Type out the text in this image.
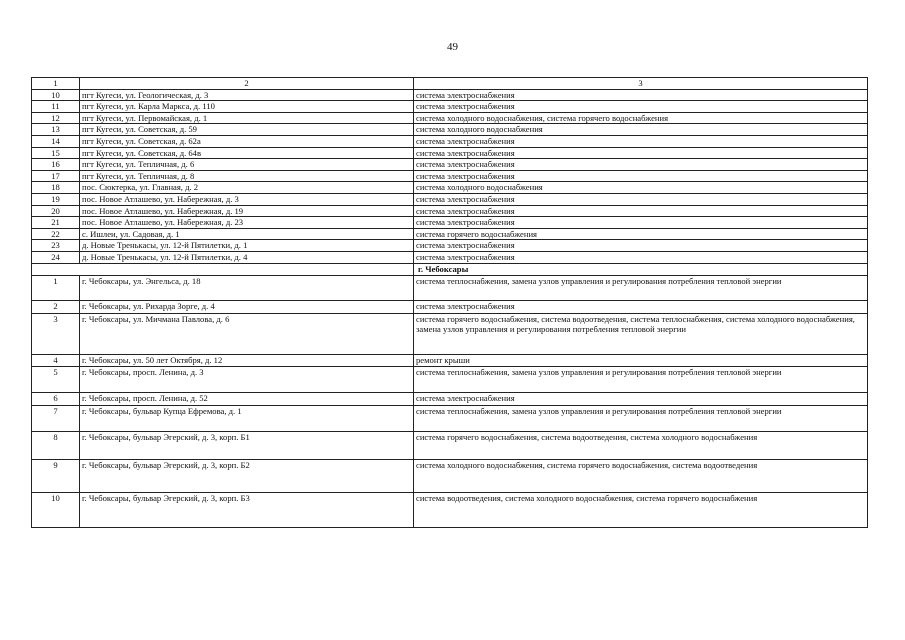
49
1	2	3
10	пгт Кугеси, ул. Геологическая, д. 3	система электроснабжения
11	пгт Кугеси, ул. Карла Маркса, д. 110	система электроснабжения
12	пгт Кугеси, ул. Первомайская, д. 1	система холодного водоснабжения, система горячего водоснабжения
13	пгт Кугеси, ул. Советская, д. 59	система холодного водоснабжения
14	пгт Кугеси, ул. Советская, д. 62а	система электроснабжения
15	пгт Кугеси, ул. Советская, д. 64в	система электроснабжения
16	пгт Кугеси, ул. Тепличная, д. 6	система электроснабжения
17	пгт Кугеси, ул. Тепличная, д. 8	система электроснабжения
18	пос. Сюктерка, ул. Главная, д. 2	система холодного водоснабжения
19	пос. Новое Атлашево, ул. Набережная, д. 3	система электроснабжения
20	пос. Новое Атлашево, ул. Набережная, д. 19	система электроснабжения
21	пос. Новое Атлашево, ул. Набережная, д. 23	система электроснабжения
22	с. Ишлеи, ул. Садовая, д. 1	система горячего водоснабжения
23	д. Новые Тренькасы, ул. 12-й Пятилетки, д. 1	система электроснабжения
24	д. Новые Тренькасы, ул. 12-й Пятилетки, д. 4	система электроснабжения
		г. Чебоксары
1	г. Чебоксары, ул. Энгельса, д. 18	система теплоснабжения, замена узлов управления и регулирования потребления тепловой энергии
2	г. Чебоксары, ул. Рихарда Зорге, д. 4	система электроснабжения
3	г. Чебоксары, ул. Мичмана Павлова, д. 6	система горячего водоснабжения, система водоотведения, система теплоснабжения, система холодного водоснабжения, замена узлов управления и регулирования потребления тепловой энергии
4	г. Чебоксары, ул. 50 лет Октября, д. 12	ремонт крыши
5	г. Чебоксары, просп. Ленина, д. 3	система теплоснабжения, замена узлов управления и регулирования потребления тепловой энергии
6	г. Чебоксары, просп. Ленина, д. 52	система электроснабжения
7	г. Чебоксары, бульвар Купца Ефремова, д. 1	система теплоснабжения, замена узлов управления и регулирования потребления тепловой энергии
8	г. Чебоксары, бульвар Эгерский, д. 3, корп. Б1	система горячего водоснабжения, система водоотведения, система холодного водоснабжения
9	г. Чебоксары, бульвар Эгерский, д. 3, корп. Б2	система холодного водоснабжения, система горячего водоснабжения, система водоотведения
10	г. Чебоксары, бульвар Эгерский, д. 3, корп. Б3	система водоотведения, система холодного водоснабжения, система горячего водоснабжения
